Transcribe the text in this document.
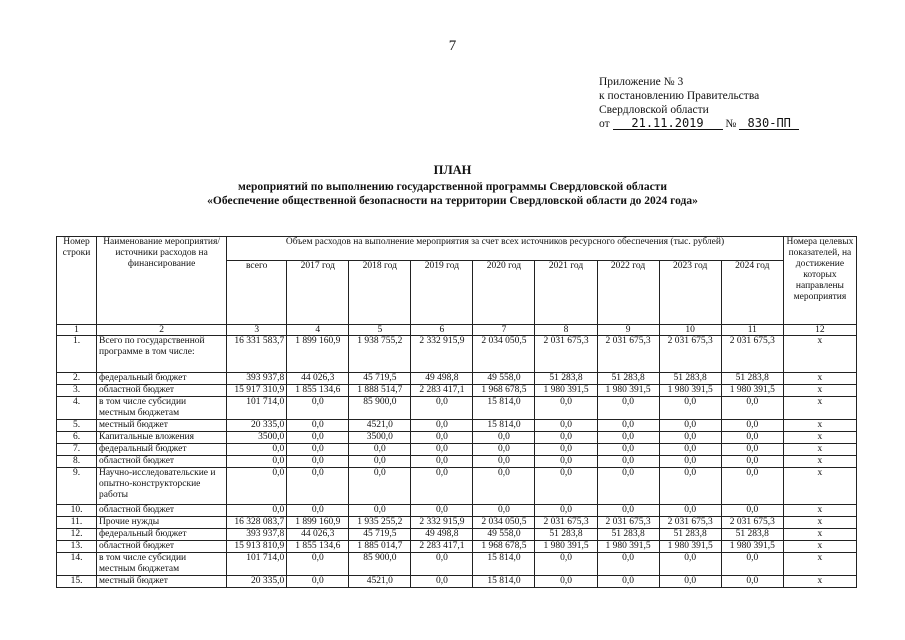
7
Приложение № 3
к постановлению Правительства
Свердловской области
от 21.11.2019 № 830-ПП
ПЛАН
мероприятий по выполнению государственной программы Свердловской области
«Обеспечение общественной безопасности на территории Свердловской области до 2024 года»
Номер строки	Наименование мероприятия/источники расходов на финансирование	Объем расходов на выполнение мероприятия за счет всех источников ресурсного обеспечения (тыс. рублей)									Номера целевых показателей, на достижение которых направлены мероприятия
		всего	2017 год	2018 год	2019 год	2020 год	2021 год	2022 год	2023 год	2024 год	
1	2	3	4	5	6	7	8	9	10	11	12
1.	Всего по государственной программе в том числе:	16 331 583,7	1 899 160,9	1 938 755,2	2 332 915,9	2 034 050,5	2 031 675,3	2 031 675,3	2 031 675,3	2 031 675,3	х
2.	федеральный бюджет	393 937,8	44 026,3	45 719,5	49 498,8	49 558,0	51 283,8	51 283,8	51 283,8	51 283,8	х
3.	областной бюджет	15 917 310,9	1 855 134,6	1 888 514,7	2 283 417,1	1 968 678,5	1 980 391,5	1 980 391,5	1 980 391,5	1 980 391,5	х
4.	в том числе субсидии местным бюджетам	101 714,0	0,0	85 900,0	0,0	15 814,0	0,0	0,0	0,0	0,0	х
5.	местный бюджет	20 335,0	0,0	4521,0	0,0	15 814,0	0,0	0,0	0,0	0,0	х
6.	Капитальные вложения	3500,0	0,0	3500,0	0,0	0,0	0,0	0,0	0,0	0,0	х
7.	федеральный бюджет	0,0	0,0	0,0	0,0	0,0	0,0	0,0	0,0	0,0	х
8.	областной бюджет	0,0	0,0	0,0	0,0	0,0	0,0	0,0	0,0	0,0	х
9.	Научно-исследовательские и опытно-конструкторские работы	0,0	0,0	0,0	0,0	0,0	0,0	0,0	0,0	0,0	х
10.	областной бюджет	0,0	0,0	0,0	0,0	0,0	0,0	0,0	0,0	0,0	х
11.	Прочие нужды	16 328 083,7	1 899 160,9	1 935 255,2	2 332 915,9	2 034 050,5	2 031 675,3	2 031 675,3	2 031 675,3	2 031 675,3	х
12.	федеральный бюджет	393 937,8	44 026,3	45 719,5	49 498,8	49 558,0	51 283,8	51 283,8	51 283,8	51 283,8	х
13.	областной бюджет	15 913 810,9	1 855 134,6	1 885 014,7	2 283 417,1	1 968 678,5	1 980 391,5	1 980 391,5	1 980 391,5	1 980 391,5	х
14.	в том числе субсидии местным бюджетам	101 714,0	0,0	85 900,0	0,0	15 814,0	0,0	0,0	0,0	0,0	х
15.	местный бюджет	20 335,0	0,0	4521,0	0,0	15 814,0	0,0	0,0	0,0	0,0	х
